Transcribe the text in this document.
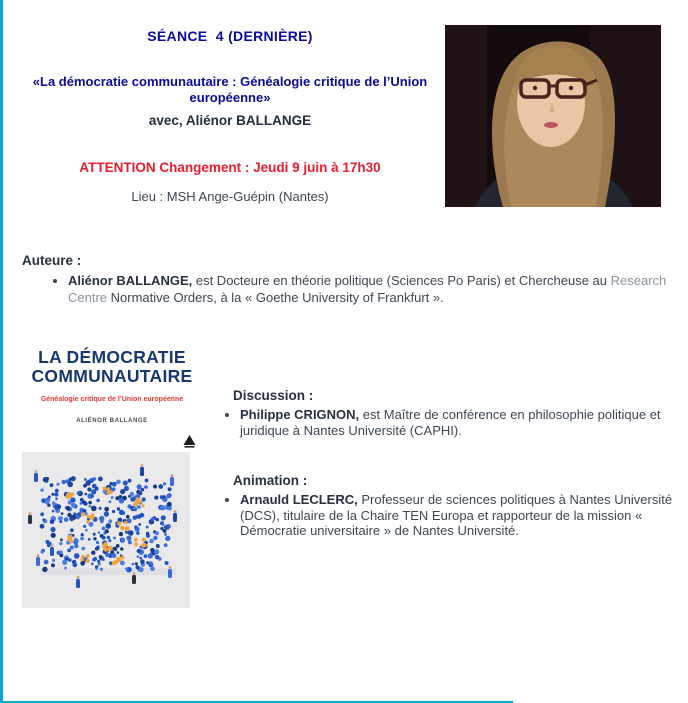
SÉANCE  4 (DERNIÈRE)
«La démocratie communautaire : Généalogie critique de l’Union
européenne»
avec, Aliénor BALLANGE
ATTENTION Changement : Jeudi 9 juin à 17h30
Lieu : MSH Ange-Guépin (Nantes)
Auteure :
• Aliénor BALLANGE, est Docteure en théorie politique (Sciences Po Paris) et Chercheuse au Research Centre Normative Orders, à la « Goethe University of Frankfurt ».
LA DÉMOCRATIE
COMMUNAUTAIRE
Généalogie critique de l’Union européenne
ALIÉNOR BALLANGE
Discussion :
• Philippe CRIGNON, est Maître de conférence en philosophie politique et juridique à Nantes Université (CAPHI).
Animation :
• Arnauld LECLERC, Professeur de sciences politiques à Nantes Université (DCS), titulaire de la Chaire TEN Europa et rapporteur de la mission « Démocratie universitaire » de Nantes Université.
